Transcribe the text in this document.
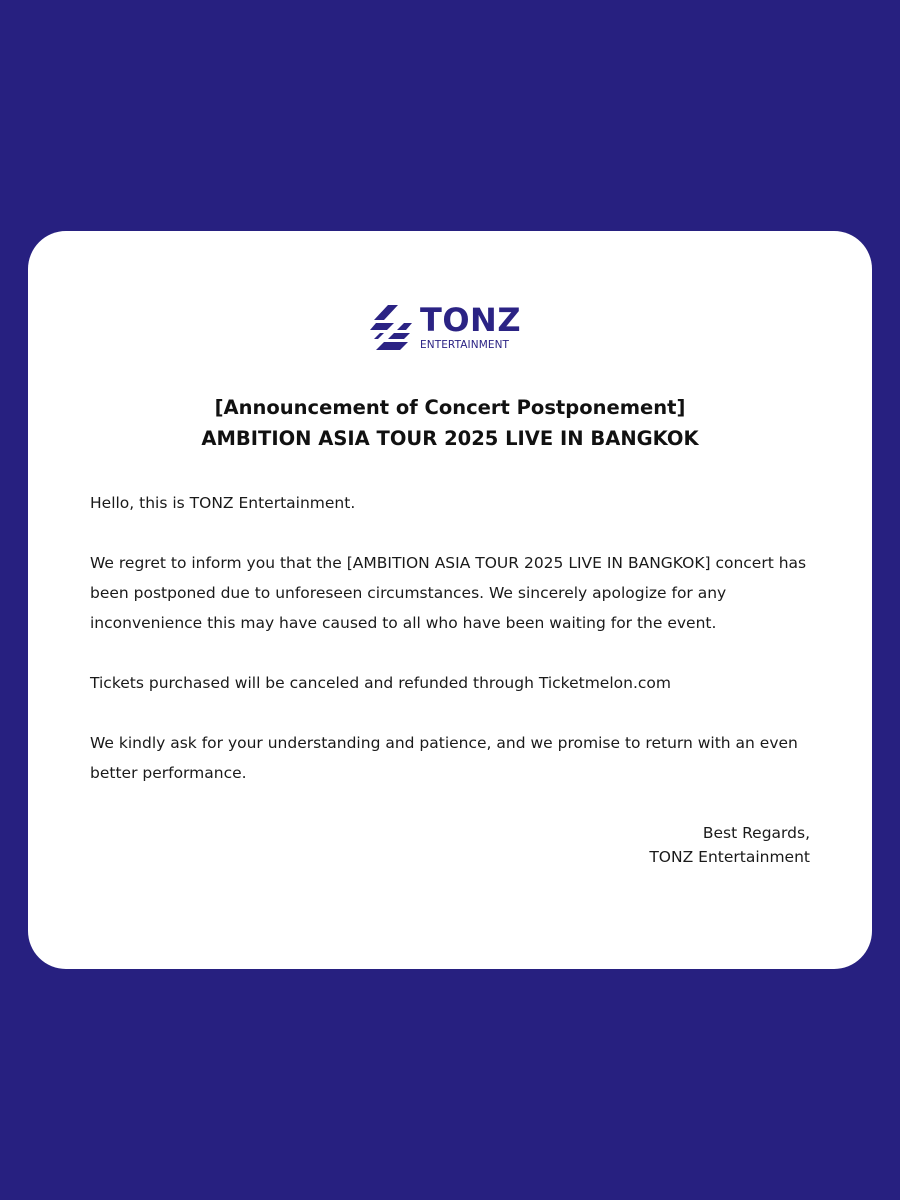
TONZ
ENTERTAINMENT
[Announcement of Concert Postponement]
AMBITION ASIA TOUR 2025 LIVE IN BANGKOK

Hello, this is TONZ Entertainment.

We regret to inform you that the [AMBITION ASIA TOUR 2025 LIVE IN BANGKOK] concert has been postponed due to unforeseen circumstances. We sincerely apologize for any inconvenience this may have caused to all who have been waiting for the event.

Tickets purchased will be canceled and refunded through Ticketmelon.com

We kindly ask for your understanding and patience, and we promise to return with an even better performance.

Best Regards,
TONZ Entertainment
